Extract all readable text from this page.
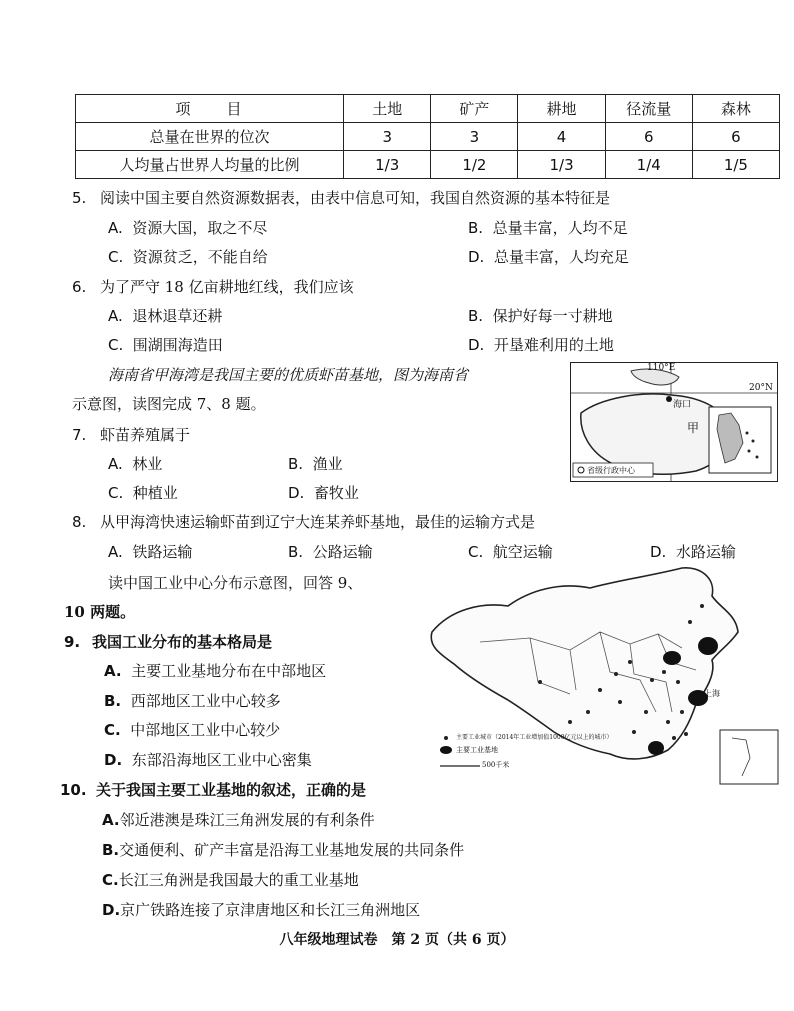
项　　目	土地	矿产	耕地	径流量	森林
总量在世界的位次	3	3	4	6	6
人均量占世界人均量的比例	1/3	1/2	1/3	1/4	1/5
5. 阅读中国主要自然资源数据表，由表中信息可知，我国自然资源的基本特征是
A. 资源大国，取之不尽	B. 总量丰富，人均不足
C. 资源贫乏，不能自给	D. 总量丰富，人均充足
6. 为了严守 18 亿亩耕地红线，我们应该
A. 退林退草还耕	B. 保护好每一寸耕地
C. 围湖围海造田	D. 开垦难利用的土地
海南省甲海湾是我国主要的优质虾苗基地，图为海南省
示意图，读图完成 7、8 题。
110°E
海口
甲
20°N
省级行政中心
7. 虾苗养殖属于
A. 林业	B. 渔业
C. 种植业	D. 畜牧业
8. 从甲海湾快速运输虾苗到辽宁大连某养虾基地，最佳的运输方式是
A. 铁路运输	B. 公路运输	C. 航空运输	D. 水路运输
读中国工业中心分布示意图，回答 9、
10 两题。
主要工业城市（2014年工业增加值1000亿元以上的城市）
主要工业基地
500千米
上海
9. 我国工业分布的基本格局是
A. 主要工业基地分布在中部地区
B. 西部地区工业中心较多
C. 中部地区工业中心较少
D. 东部沿海地区工业中心密集
10. 关于我国主要工业基地的叙述，正确的是
A.邻近港澳是珠江三角洲发展的有利条件
B.交通便利、矿产丰富是沿海工业基地发展的共同条件
C.长江三角洲是我国最大的重工业基地
D.京广铁路连接了京津唐地区和长江三角洲地区
八年级地理试卷　第 2 页（共 6 页）
